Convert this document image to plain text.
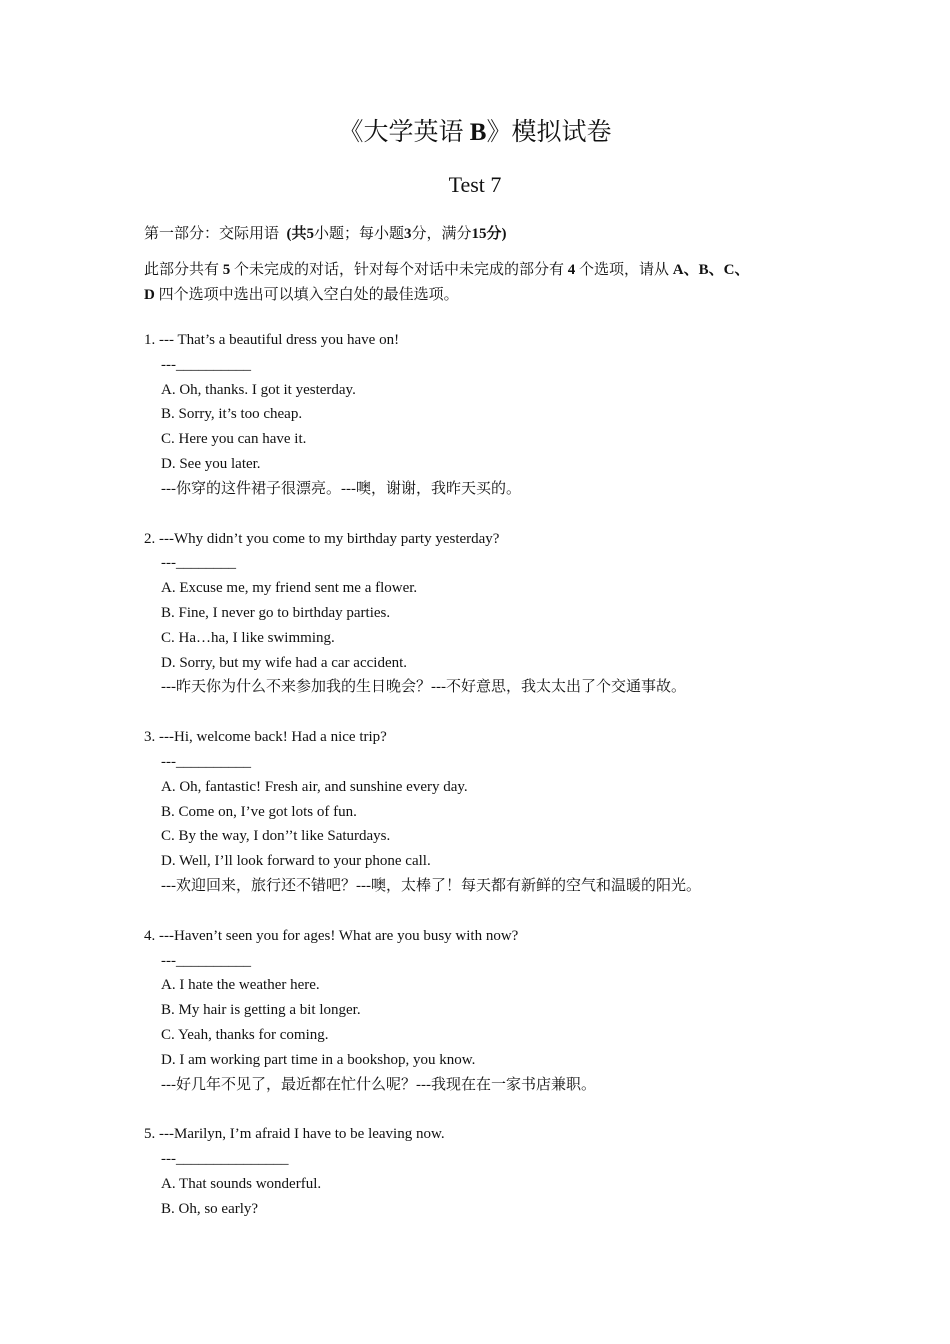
《大学英语 B》模拟试卷
Test 7
第一部分：交际用语 (共5小题；每小题3分，满分15分)
此部分共有 5 个未完成的对话，针对每个对话中未完成的部分有 4 个选项，请从 A、B、C、
D 四个选项中选出可以填入空白处的最佳选项。
1. --- That’s a beautiful dress you have on!
---__________
A. Oh, thanks. I got it yesterday.
B. Sorry, it’s too cheap.
C. Here you can have it.
D. See you later.
---你穿的这件裙子很漂亮。---噢，谢谢，我昨天买的。
2. ---Why didn’t you come to my birthday party yesterday?
---________
A. Excuse me, my friend sent me a flower.
B. Fine, I never go to birthday parties.
C. Ha…ha, I like swimming.
D. Sorry, but my wife had a car accident.
---昨天你为什么不来参加我的生日晚会？---不好意思，我太太出了个交通事故。
3. ---Hi, welcome back! Had a nice trip?
---__________
A. Oh, fantastic! Fresh air, and sunshine every day.
B. Come on, I’ve got lots of fun.
C. By the way, I don’’t like Saturdays.
D. Well, I’ll look forward to your phone call.
---欢迎回来，旅行还不错吧？---噢，太棒了！每天都有新鲜的空气和温暖的阳光。
4. ---Haven’t seen you for ages! What are you busy with now?
---__________
A. I hate the weather here.
B. My hair is getting a bit longer.
C. Yeah, thanks for coming.
D. I am working part time in a bookshop, you know.
---好几年不见了，最近都在忙什么呢？---我现在在一家书店兼职。
5. ---Marilyn, I’m afraid I have to be leaving now.
---_______________
A. That sounds wonderful.
B. Oh, so early?
